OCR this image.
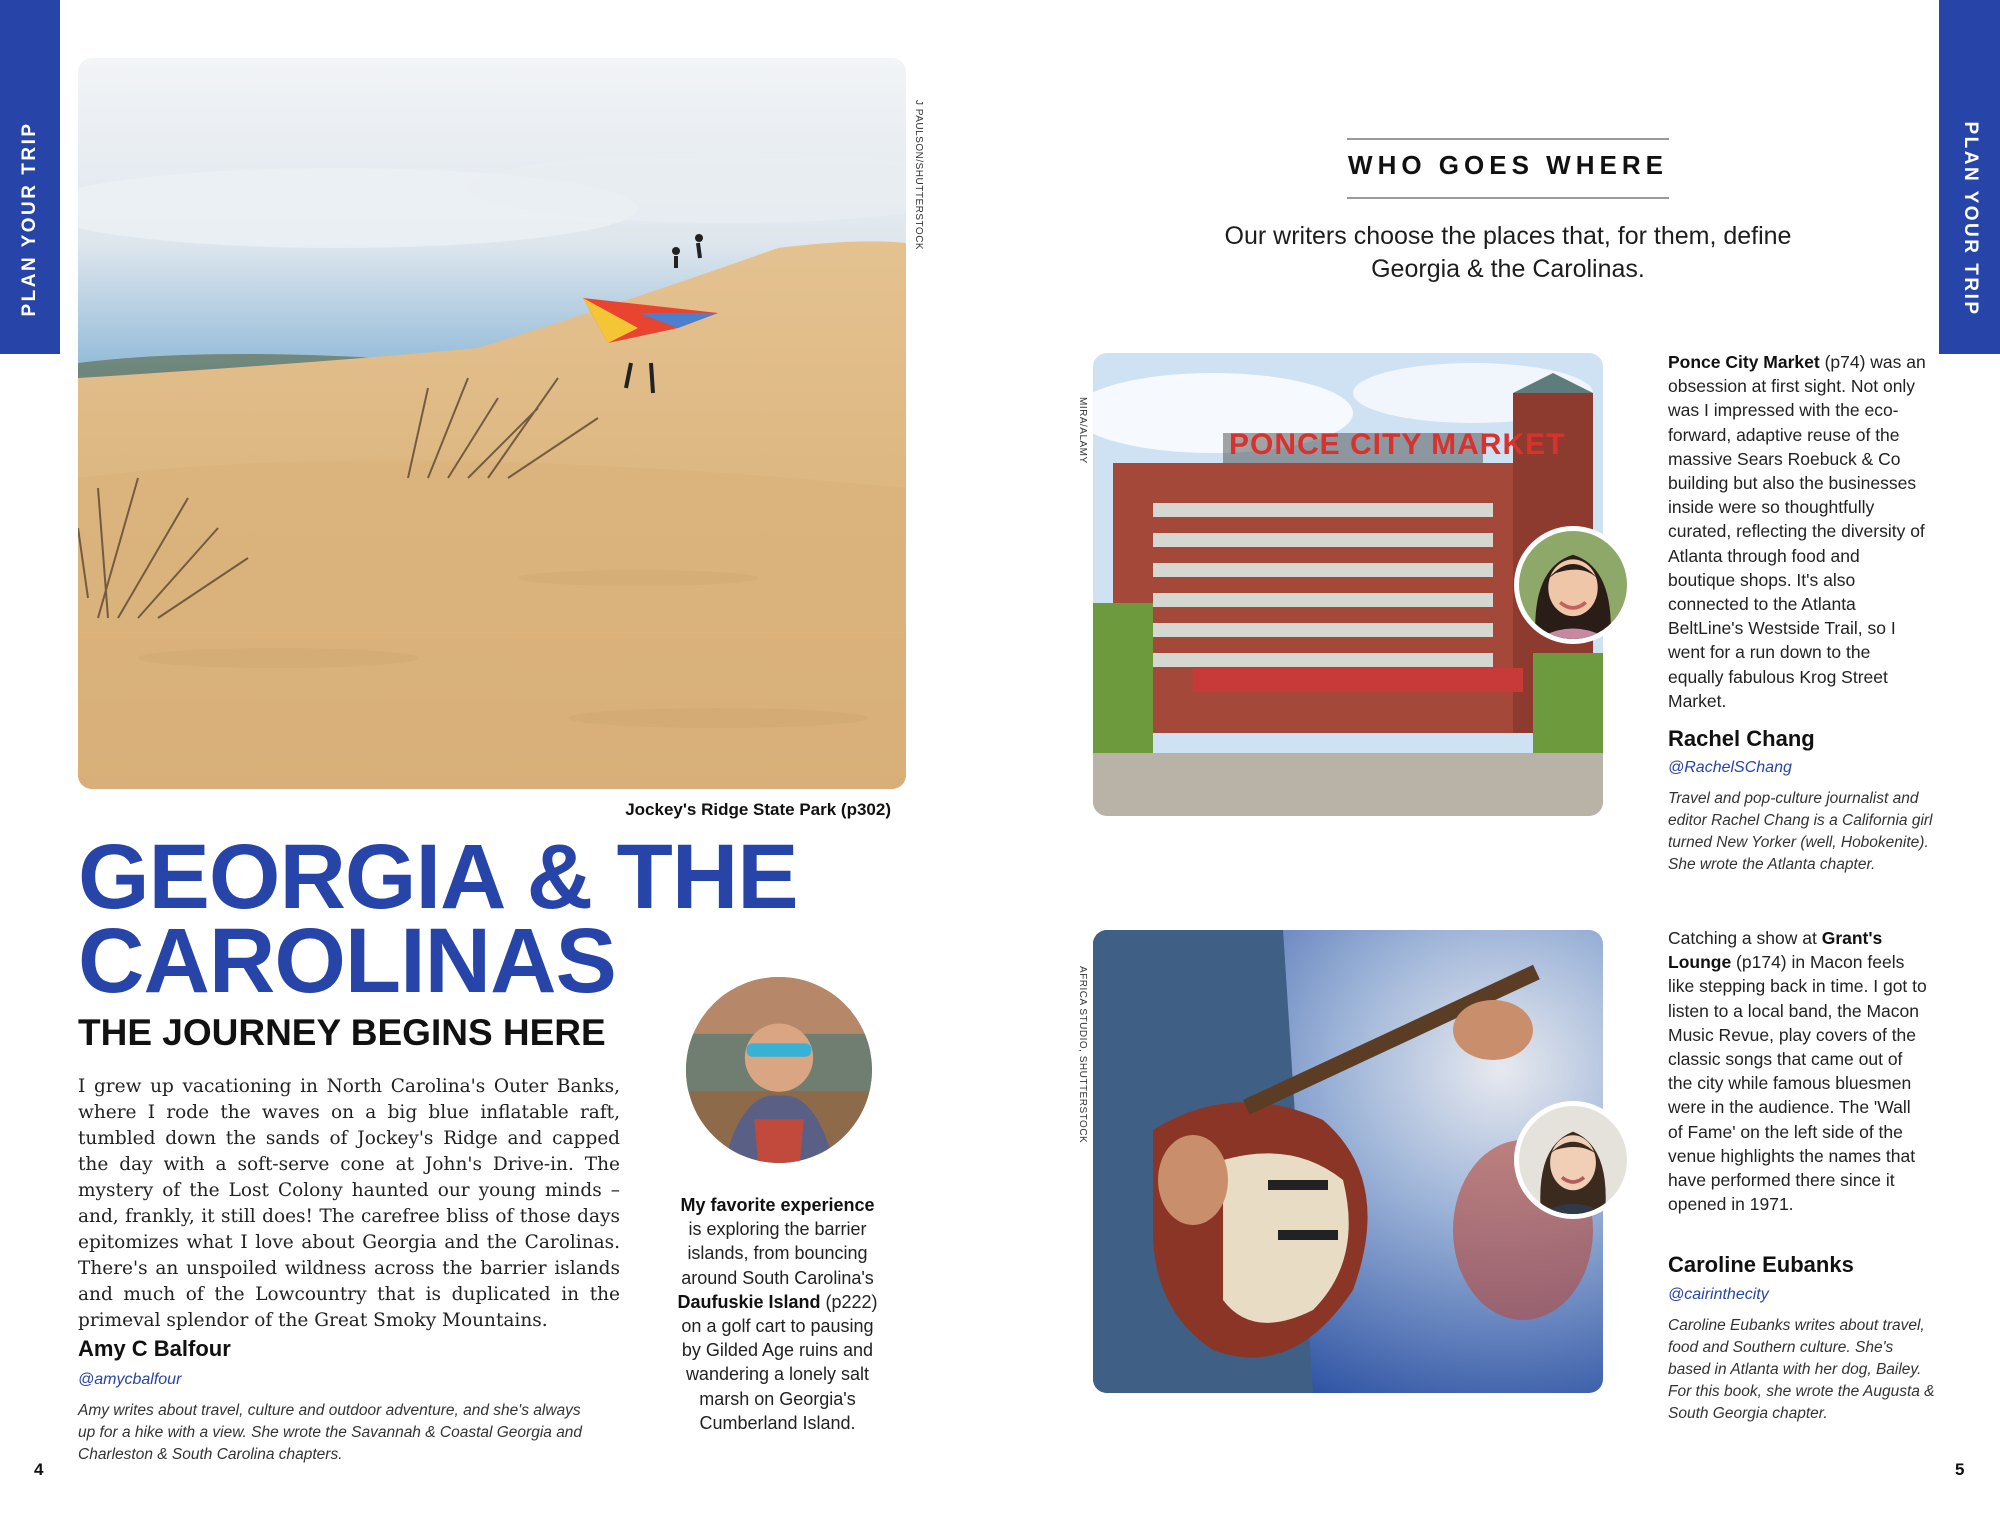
PLAN YOUR TRIP	PLAN YOUR TRIP
J PAULSON/SHUTTERSTOCK
Jockey's Ridge State Park (p302)
GEORGIA & THE
CAROLINAS
THE JOURNEY BEGINS HERE

I grew up vacationing in North Carolina's Outer Banks, where I rode the waves on a big blue inflatable raft, tumbled down the sands of Jockey's Ridge and capped the day with a soft-serve cone at John's Drive-in. The mystery of the Lost Colony haunted our young minds – and, frankly, it still does! The carefree bliss of those days epitomizes what I love about Georgia and the Carolinas. There's an unspoiled wildness across the barrier islands and much of the Lowcountry that is duplicated in the primeval splendor of the Great Smoky Mountains.

Amy C Balfour
@amycbalfour

Amy writes about travel, culture and outdoor adventure, and she's always up for a hike with a view. She wrote the Savannah & Coastal Georgia and Charleston & South Carolina chapters.

My favorite experience is exploring the barrier islands, from bouncing around South Carolina's Daufuskie Island (p222) on a golf cart to pausing by Gilded Age ruins and wandering a lonely salt marsh on Georgia's Cumberland Island.

4
WHO GOES WHERE

Our writers choose the places that, for them, define Georgia & the Carolinas.

PONCE CITY MARKET
MIRA/ALAMY

Ponce City Market (p74) was an obsession at first sight. Not only was I impressed with the eco-forward, adaptive reuse of the massive Sears Roebuck & Co building but also the businesses inside were so thoughtfully curated, reflecting the diversity of Atlanta through food and boutique shops. It's also connected to the Atlanta BeltLine's Westside Trail, so I went for a run down to the equally fabulous Krog Street Market.

Rachel Chang
@RachelSChang

Travel and pop-culture journalist and editor Rachel Chang is a California girl turned New Yorker (well, Hobokenite). She wrote the Atlanta chapter.

AFRICA STUDIO, SHUTTERSTOCK

Catching a show at Grant's Lounge (p174) in Macon feels like stepping back in time. I got to listen to a local band, the Macon Music Revue, play covers of the classic songs that came out of the city while famous bluesmen were in the audience. The 'Wall of Fame' on the left side of the venue highlights the names that have performed there since it opened in 1971.

Caroline Eubanks
@cairinthecity

Caroline Eubanks writes about travel, food and Southern culture. She's based in Atlanta with her dog, Bailey. For this book, she wrote the Augusta & South Georgia chapter.

5
